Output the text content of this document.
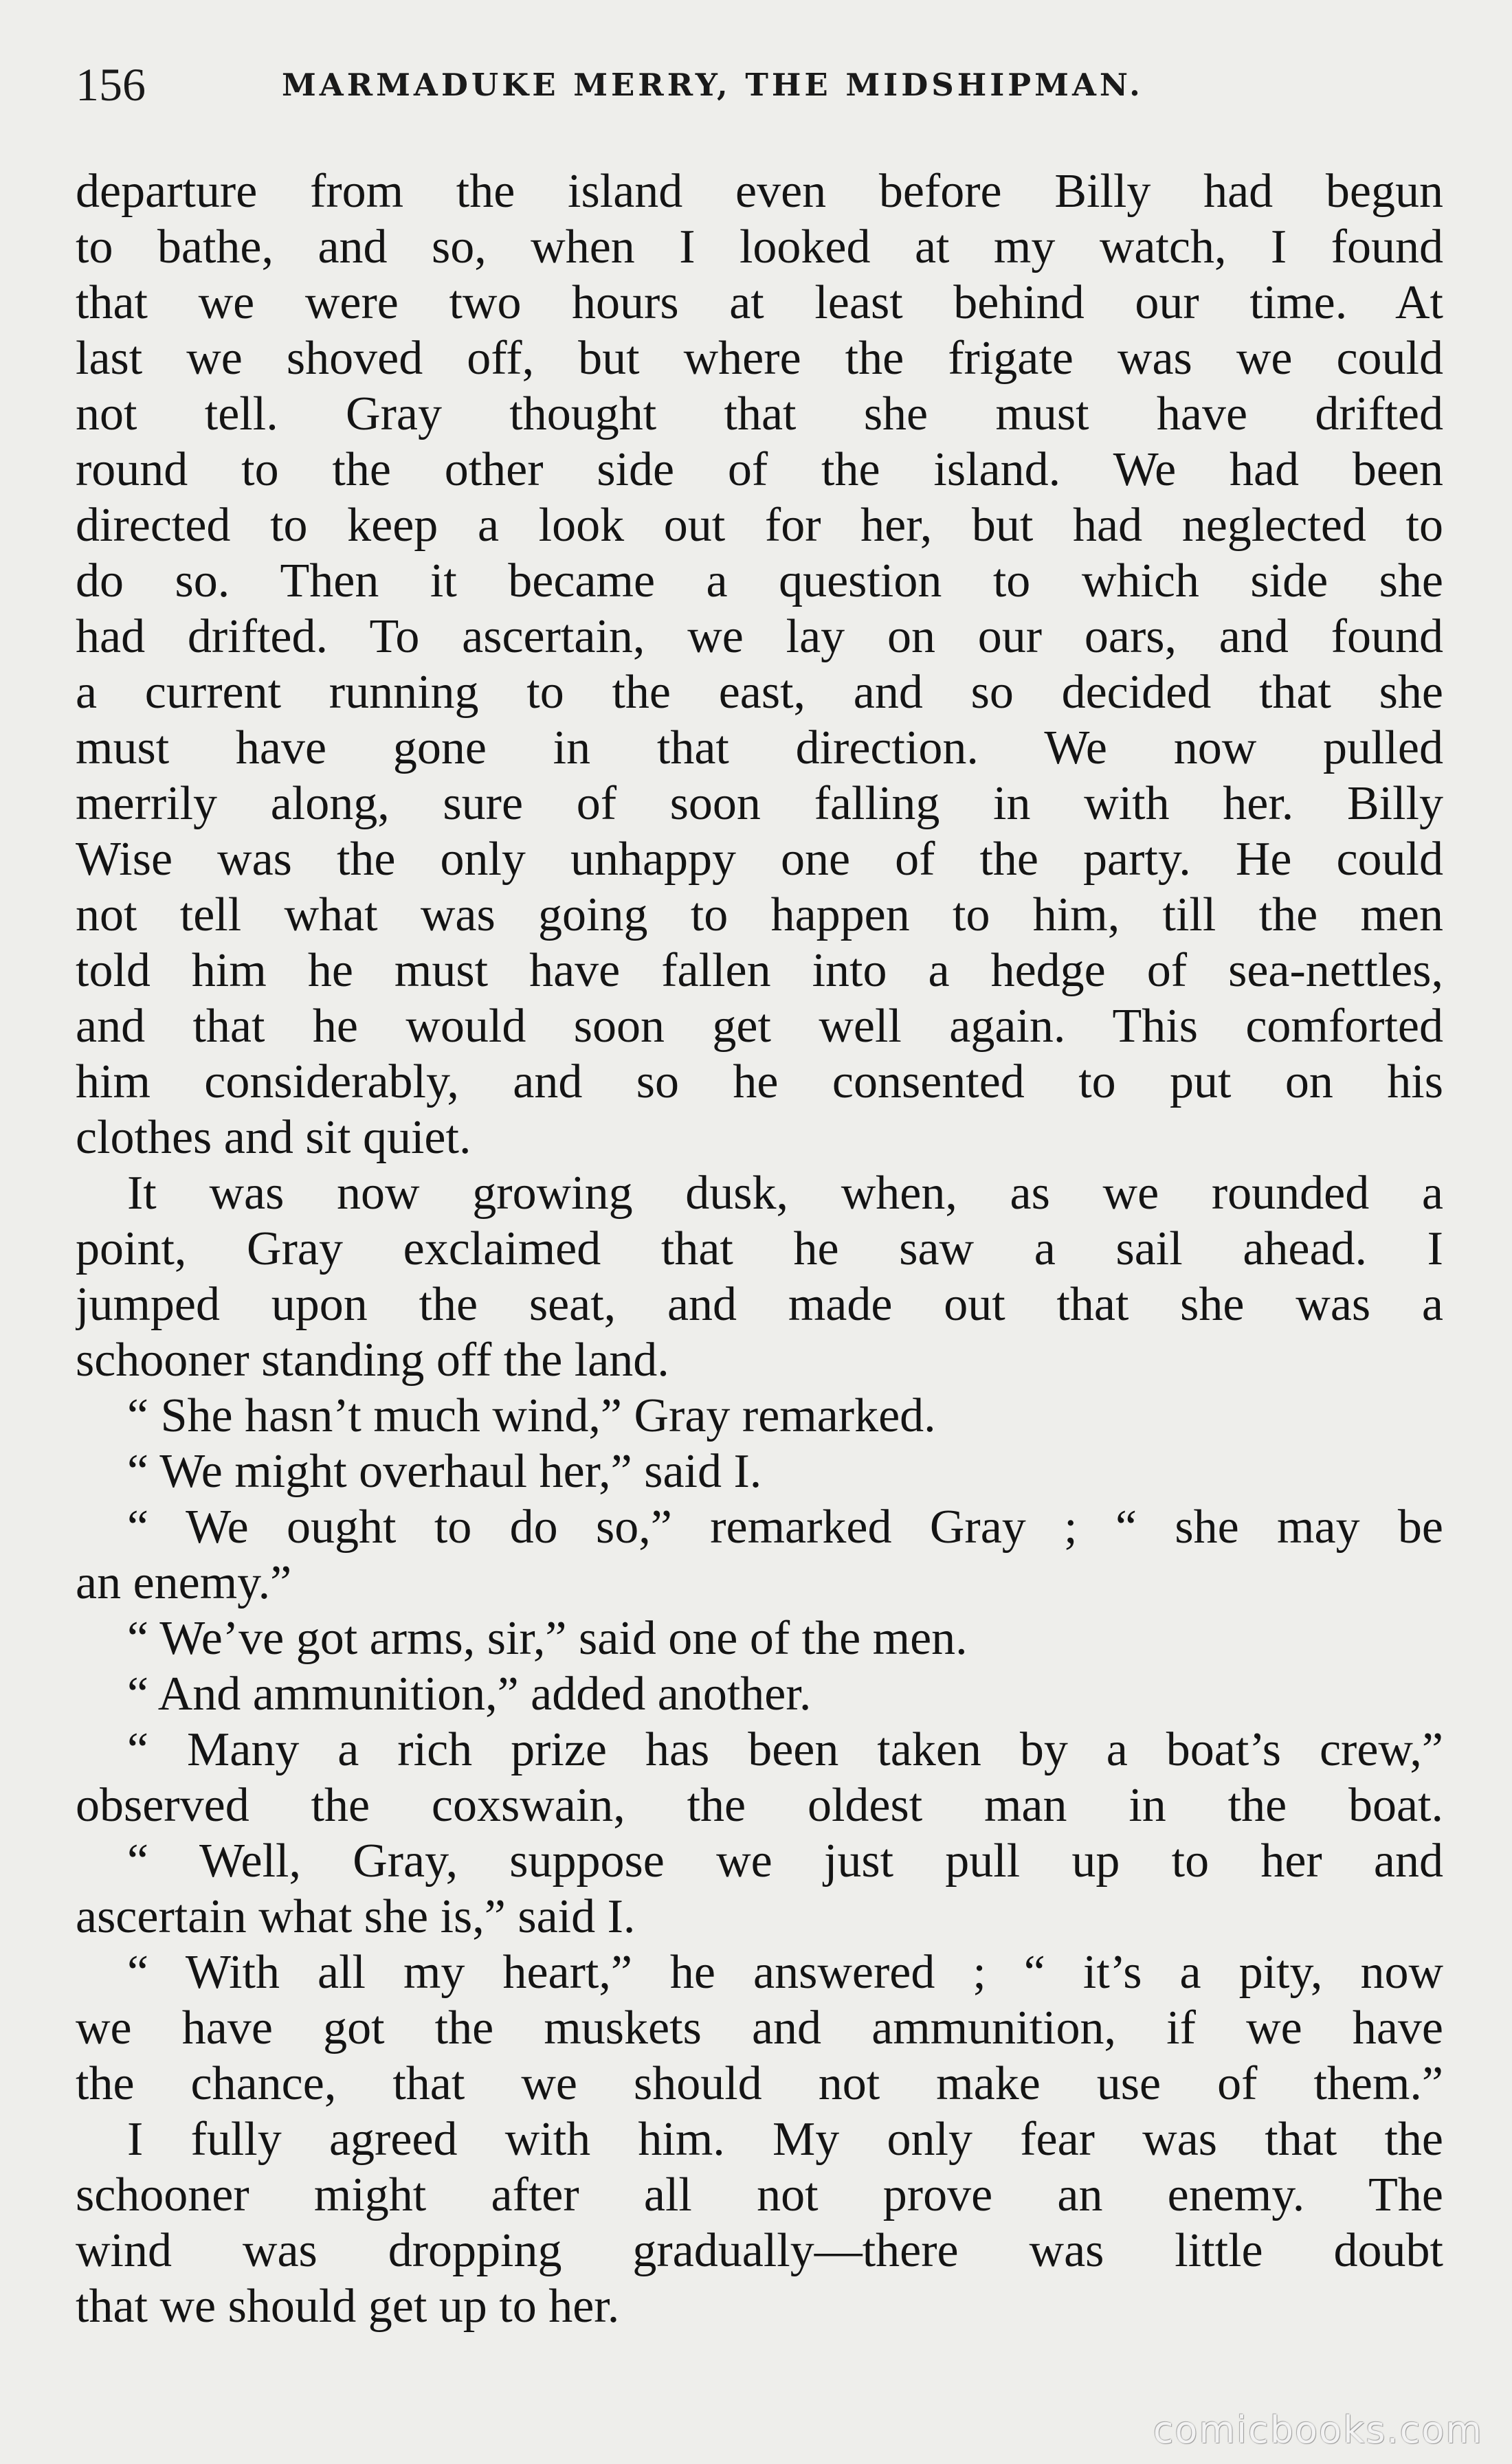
156	MARMADUKE MERRY, THE MIDSHIPMAN.
departure from the island even before Billy had begun
to bathe, and so, when I looked at my watch, I found
that we were two hours at least behind our time. At
last we shoved off, but where the frigate was we could
not tell. Gray thought that she must have drifted
round to the other side of the island. We had been
directed to keep a look out for her, but had neglected to
do so. Then it became a question to which side she
had drifted. To ascertain, we lay on our oars, and found
a current running to the east, and so decided that she
must have gone in that direction. We now pulled
merrily along, sure of soon falling in with her. Billy
Wise was the only unhappy one of the party. He could
not tell what was going to happen to him, till the men
told him he must have fallen into a hedge of sea-nettles,
and that he would soon get well again. This comforted
him considerably, and so he consented to put on his
clothes and sit quiet.
It was now growing dusk, when, as we rounded a
point, Gray exclaimed that he saw a sail ahead. I
jumped upon the seat, and made out that she was a
schooner standing off the land.
“ She hasn’t much wind,” Gray remarked.
“ We might overhaul her,” said I.
“ We ought to do so,” remarked Gray ; “ she may be
an enemy.”
“ We’ve got arms, sir,” said one of the men.
“ And ammunition,” added another.
“ Many a rich prize has been taken by a boat’s crew,”
observed the coxswain, the oldest man in the boat.
“ Well, Gray, suppose we just pull up to her and
ascertain what she is,” said I.
“ With all my heart,” he answered ; “ it’s a pity, now
we have got the muskets and ammunition, if we have
the chance, that we should not make use of them.”
I fully agreed with him. My only fear was that the
schooner might after all not prove an enemy. The
wind was dropping gradually—there was little doubt
that we should get up to her.
comicbooks.com
